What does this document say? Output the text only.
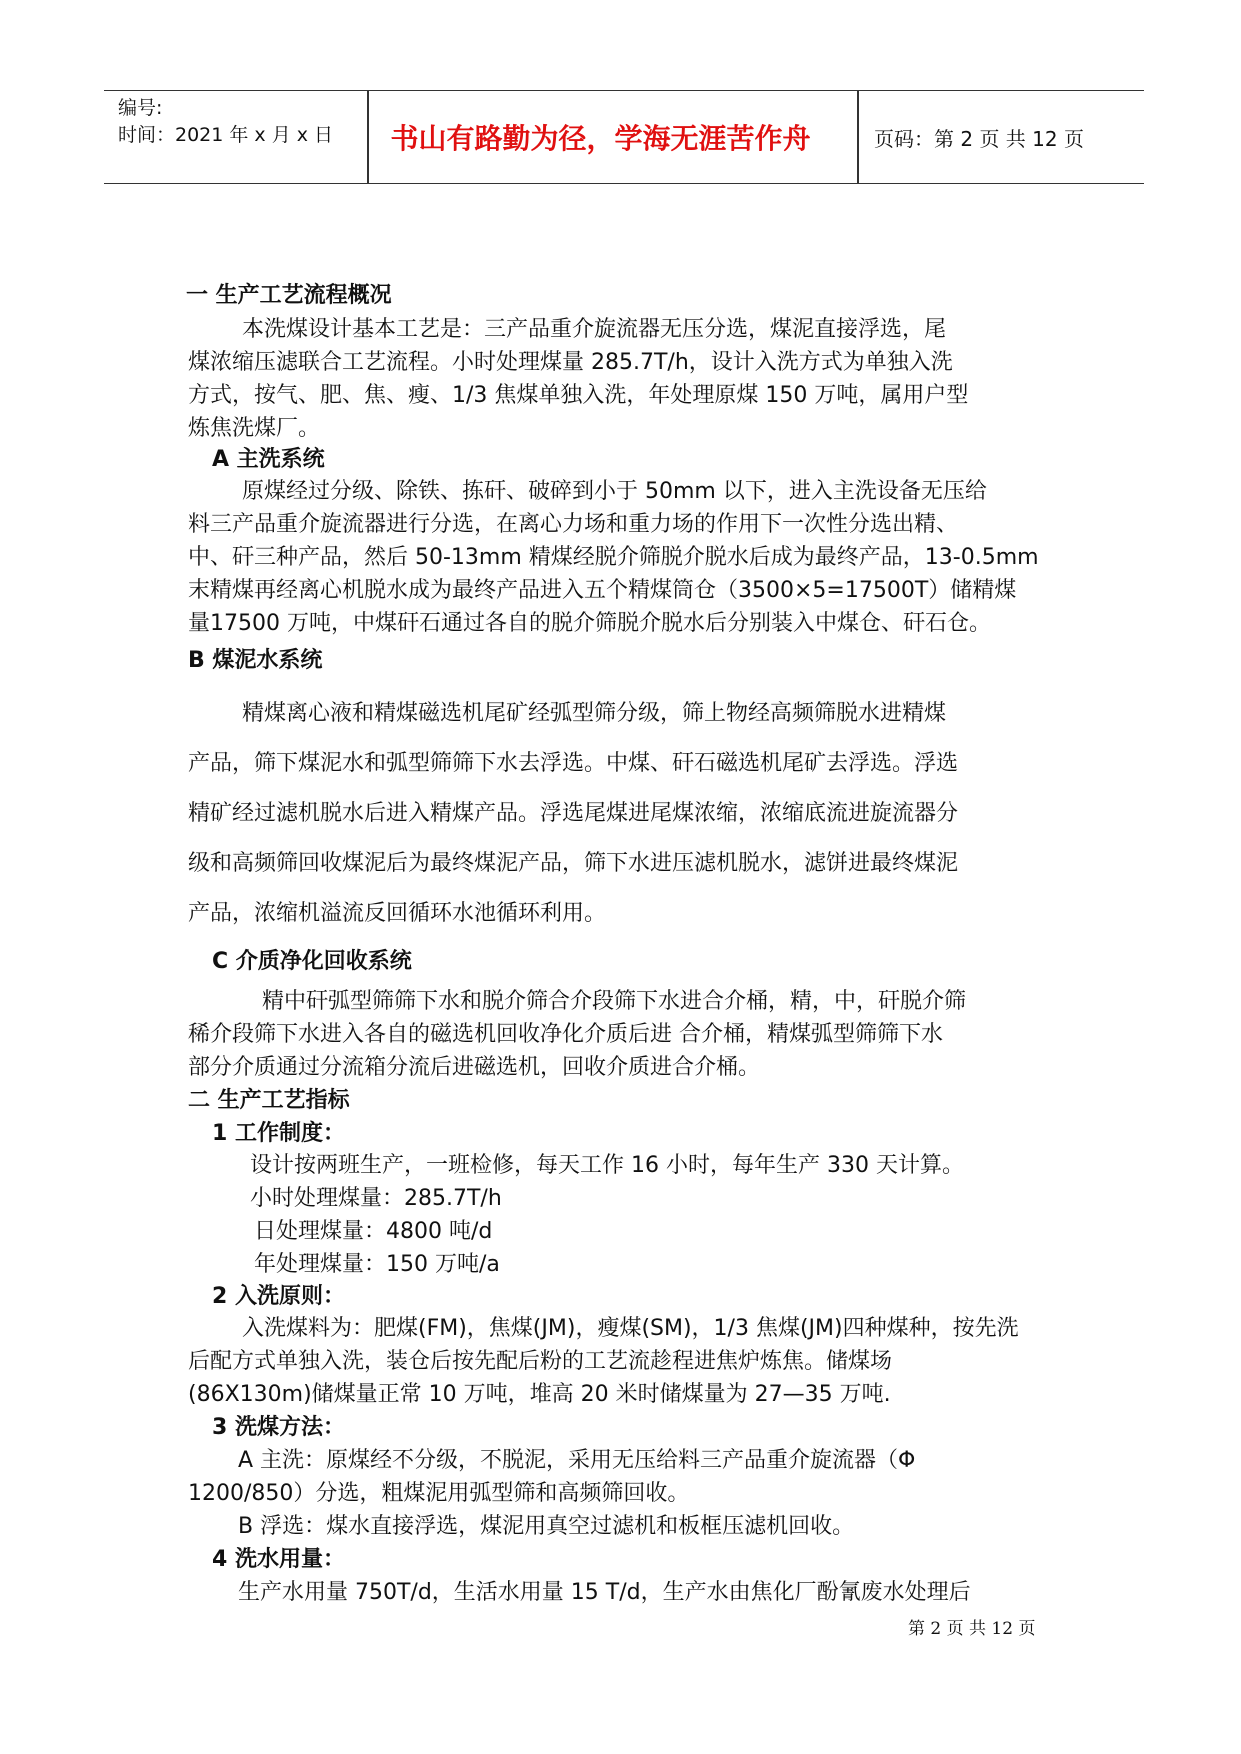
编号:
时间：2021 年 x 月 x 日	书山有路勤为径，学海无涯苦作舟	页码：第 2 页 共 12 页
一 生产工艺流程概况
本洗煤设计基本工艺是：三产品重介旋流器无压分选，煤泥直接浮选，尾
煤浓缩压滤联合工艺流程。小时处理煤量 285.7T/h，设计入洗方式为单独入洗
方式，按气、肥、焦、瘦、1/3 焦煤单独入洗，年处理原煤 150 万吨，属用户型
炼焦洗煤厂。
A 主洗系统
原煤经过分级、除铁、拣矸、破碎到小于 50mm 以下，进入主洗设备无压给
料三产品重介旋流器进行分选，在离心力场和重力场的作用下一次性分选出精、
中、矸三种产品，然后 50-13mm 精煤经脱介筛脱介脱水后成为最终产品，13-0.5mm
末精煤再经离心机脱水成为最终产品进入五个精煤筒仓（3500×5=17500T）储精煤
量17500 万吨，中煤矸石通过各自的脱介筛脱介脱水后分别装入中煤仓、矸石仓。
B 煤泥水系统
精煤离心液和精煤磁选机尾矿经弧型筛分级，筛上物经高频筛脱水进精煤
产品，筛下煤泥水和弧型筛筛下水去浮选。中煤、矸石磁选机尾矿去浮选。浮选
精矿经过滤机脱水后进入精煤产品。浮选尾煤进尾煤浓缩，浓缩底流进旋流器分
级和高频筛回收煤泥后为最终煤泥产品，筛下水进压滤机脱水，滤饼进最终煤泥
产品，浓缩机溢流反回循环水池循环利用。
C 介质净化回收系统
精中矸弧型筛筛下水和脱介筛合介段筛下水进合介桶，精，中，矸脱介筛
稀介段筛下水进入各自的磁选机回收净化介质后进 合介桶，精煤弧型筛筛下水
部分介质通过分流箱分流后进磁选机，回收介质进合介桶。
二 生产工艺指标
1 工作制度：
设计按两班生产，一班检修，每天工作 16 小时，每年生产 330 天计算。
小时处理煤量：285.7T/h
日处理煤量：4800 吨/d
年处理煤量：150 万吨/a
2 入洗原则：
入洗煤料为：肥煤(FM)，焦煤(JM)，瘦煤(SM)，1/3 焦煤(JM)四种煤种，按先洗
后配方式单独入洗，装仓后按先配后粉的工艺流趁程进焦炉炼焦。储煤场
(86X130m)储煤量正常 10 万吨，堆高 20 米时储煤量为 27—35 万吨.
3 洗煤方法：
A 主洗：原煤经不分级，不脱泥，采用无压给料三产品重介旋流器（Φ
1200/850）分选，粗煤泥用弧型筛和高频筛回收。
B 浮选：煤水直接浮选，煤泥用真空过滤机和板框压滤机回收。
4 洗水用量：
生产水用量 750T/d，生活水用量 15 T/d，生产水由焦化厂酚氰废水处理后
第 2 页 共 12 页
